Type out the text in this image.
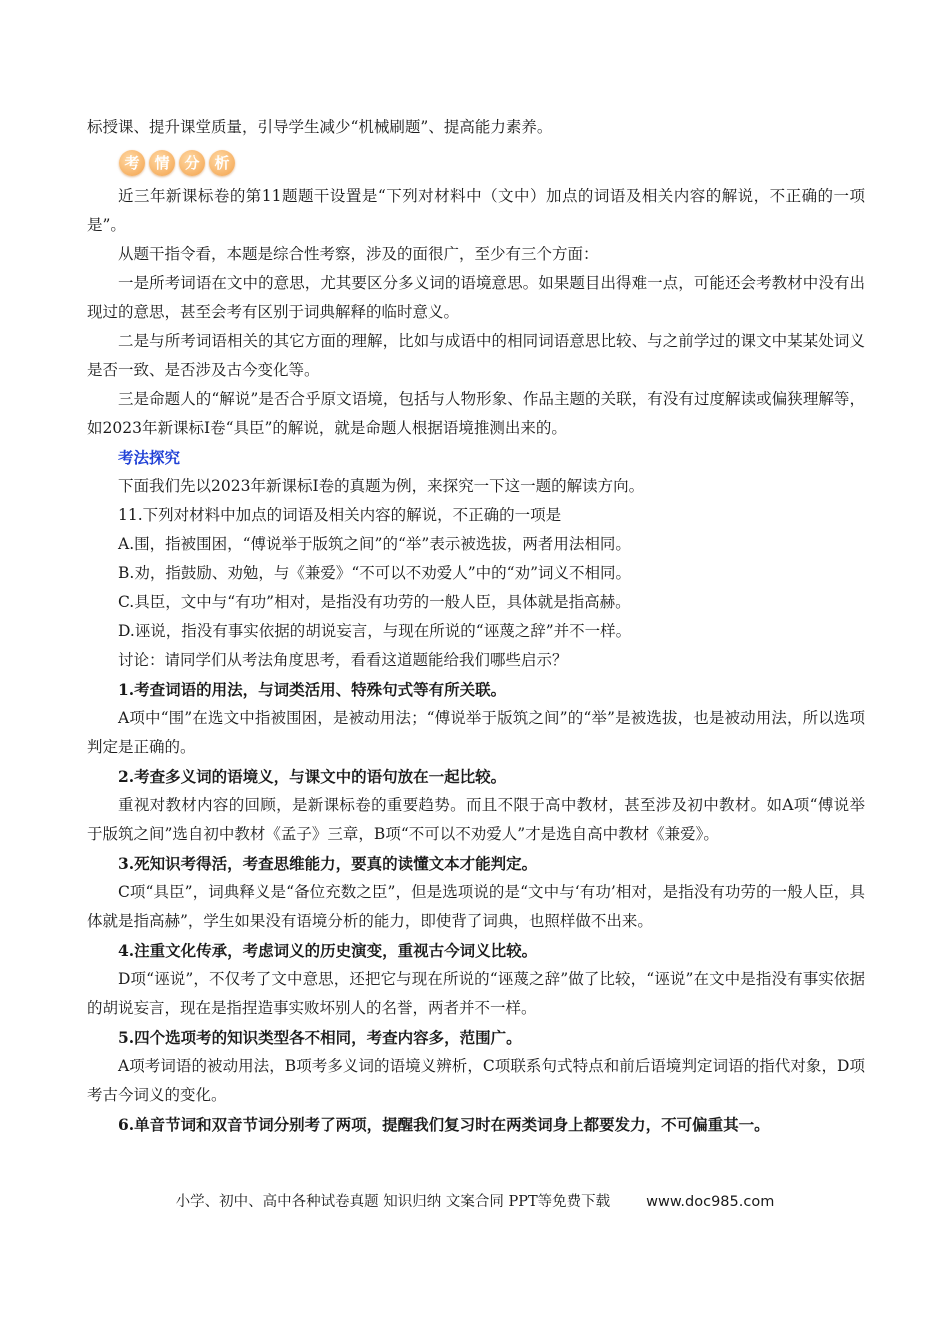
标授课、提升课堂质量，引导学生减少“机械刷题”、提高能力素养。

考 情 分 析

近三年新课标卷的第11题题干设置是“下列对材料中（文中）加点的词语及相关内容的解说，不正确的一项是”。

从题干指令看，本题是综合性考察，涉及的面很广，至少有三个方面：

一是所考词语在文中的意思，尤其要区分多义词的语境意思。如果题目出得难一点，可能还会考教材中没有出现过的意思，甚至会考有区别于词典解释的临时意义。

二是与所考词语相关的其它方面的理解，比如与成语中的相同词语意思比较、与之前学过的课文中某某处词义是否一致、是否涉及古今变化等。

三是命题人的“解说”是否合乎原文语境，包括与人物形象、作品主题的关联，有没有过度解读或偏狭理解等，如2023年新课标Ⅰ卷“具臣”的解说，就是命题人根据语境推测出来的。

考法探究

下面我们先以2023年新课标Ⅰ卷的真题为例，来探究一下这一题的解读方向。

11.下列对材料中加点的词语及相关内容的解说，不正确的一项是

A.围，指被围困，“傅说举于版筑之间”的“举”表示被选拔，两者用法相同。

B.劝，指鼓励、劝勉，与《兼爱》“不可以不劝爱人”中的“劝”词义不相同。

C.具臣，文中与“有功”相对，是指没有功劳的一般人臣，具体就是指高赫。

D.诬说，指没有事实依据的胡说妄言，与现在所说的“诬蔑之辞”并不一样。

讨论：请同学们从考法角度思考，看看这道题能给我们哪些启示？

1.考查词语的用法，与词类活用、特殊句式等有所关联。

A项中“围”在选文中指被围困，是被动用法；“傅说举于版筑之间”的“举”是被选拔，也是被动用法，所以选项判定是正确的。

2.考查多义词的语境义，与课文中的语句放在一起比较。

重视对教材内容的回顾，是新课标卷的重要趋势。而且不限于高中教材，甚至涉及初中教材。如A项“傅说举于版筑之间”选自初中教材《孟子》三章，B项“不可以不劝爱人”才是选自高中教材《兼爱》。

3.死知识考得活，考查思维能力，要真的读懂文本才能判定。

C项“具臣”，词典释义是“备位充数之臣”，但是选项说的是“文中与‘有功’相对，是指没有功劳的一般人臣，具体就是指高赫”，学生如果没有语境分析的能力，即使背了词典，也照样做不出来。

4.注重文化传承，考虑词义的历史演变，重视古今词义比较。

D项“诬说”，不仅考了文中意思，还把它与现在所说的“诬蔑之辞”做了比较，“诬说”在文中是指没有事实依据的胡说妄言，现在是指捏造事实败坏别人的名誉，两者并不一样。

5.四个选项考的知识类型各不相同，考查内容多，范围广。

A项考词语的被动用法，B项考多义词的语境义辨析，C项联系句式特点和前后语境判定词语的指代对象，D项考古今词义的变化。

6.单音节词和双音节词分别考了两项，提醒我们复习时在两类词身上都要发力，不可偏重其一。

小学、初中、高中各种试卷真题 知识归纳 文案合同 PPT等免费下载 www.doc985.com
